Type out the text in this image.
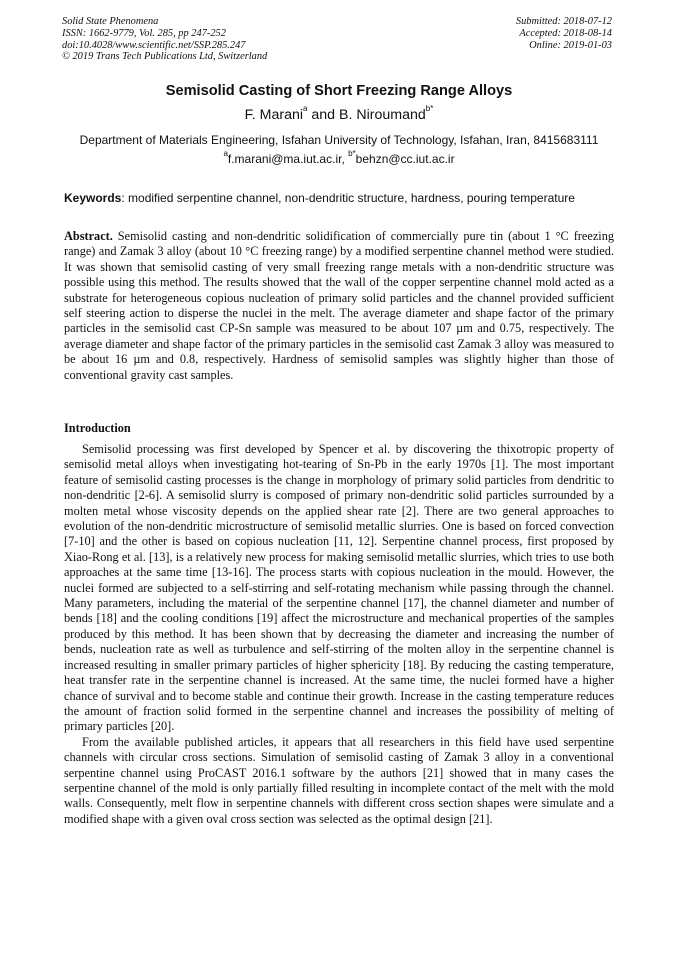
Solid State Phenomena
ISSN: 1662-9779, Vol. 285, pp 247-252
doi:10.4028/www.scientific.net/SSP.285.247
© 2019 Trans Tech Publications Ltd, Switzerland
Submitted: 2018-07-12
Accepted: 2018-08-14
Online: 2019-01-03
Semisolid Casting of Short Freezing Range Alloys
F. Marani$^a$ and B. Niroumand$^{b*}$
Department of Materials Engineering, Isfahan University of Technology, Isfahan, Iran, 8415683111
$^a$f.marani@ma.iut.ac.ir, $^{b*}$behzn@cc.iut.ac.ir
Keywords: modified serpentine channel, non-dendritic structure, hardness, pouring temperature
Abstract. Semisolid casting and non-dendritic solidification of commercially pure tin (about 1 °C freezing range) and Zamak 3 alloy (about 10 °C freezing range) by a modified serpentine channel method were studied. It was shown that semisolid casting of very small freezing range metals with a non-dendritic structure was possible using this method. The results showed that the wall of the copper serpentine channel mold acted as a substrate for heterogeneous copious nucleation of primary solid particles and the channel provided sufficient self steering action to disperse the nuclei in the melt. The average diameter and shape factor of the primary particles in the semisolid cast CP-Sn sample was measured to be about 107 µm and 0.75, respectively. The average diameter and shape factor of the primary particles in the semisolid cast Zamak 3 alloy was measured to be about 16 µm and 0.8, respectively. Hardness of semisolid samples was slightly higher than those of conventional gravity cast samples.
Introduction

Semisolid processing was first developed by Spencer et al. by discovering the thixotropic property of semisolid metal alloys when investigating hot-tearing of Sn-Pb in the early 1970s [1]. The most important feature of semisolid casting processes is the change in morphology of primary solid particles from dendritic to non-dendritic [2-6]. A semisolid slurry is composed of primary non-dendritic solid particles surrounded by a molten metal whose viscosity depends on the applied shear rate [2]. There are two general approaches to evolution of the non-dendritic microstructure of semisolid metallic slurries. One is based on forced convection [7-10] and the other is based on copious nucleation [11, 12]. Serpentine channel process, first proposed by Xiao-Rong et al. [13], is a relatively new process for making semisolid metallic slurries, which tries to use both approaches at the same time [13-16]. The process starts with copious nucleation in the mould. However, the nuclei formed are subjected to a self-stirring and self-rotating mechanism while passing through the channel. Many parameters, including the material of the serpentine channel [17], the channel diameter and number of bends [18] and the cooling conditions [19] affect the microstructure and mechanical properties of the samples produced by this method. It has been shown that by decreasing the diameter and increasing the number of bends, nucleation rate as well as turbulence and self-stirring of the molten alloy in the serpentine channel is increased resulting in smaller primary particles of higher sphericity [18]. By reducing the casting temperature, heat transfer rate in the serpentine channel is increased. At the same time, the nuclei formed have a higher chance of survival and to become stable and continue their growth. Increase in the casting temperature reduces the amount of fraction solid formed in the serpentine channel and increases the possibility of melting of primary particles [20].

From the available published articles, it appears that all researchers in this field have used serpentine channels with circular cross sections. Simulation of semisolid casting of Zamak 3 alloy in a conventional serpentine channel using ProCAST 2016.1 software by the authors [21] showed that in many cases the serpentine channel of the mold is only partially filled resulting in incomplete contact of the melt with the mold walls. Consequently, melt flow in serpentine channels with different cross section shapes were simulate and a modified shape with a given oval cross section was selected as the optimal design [21].
